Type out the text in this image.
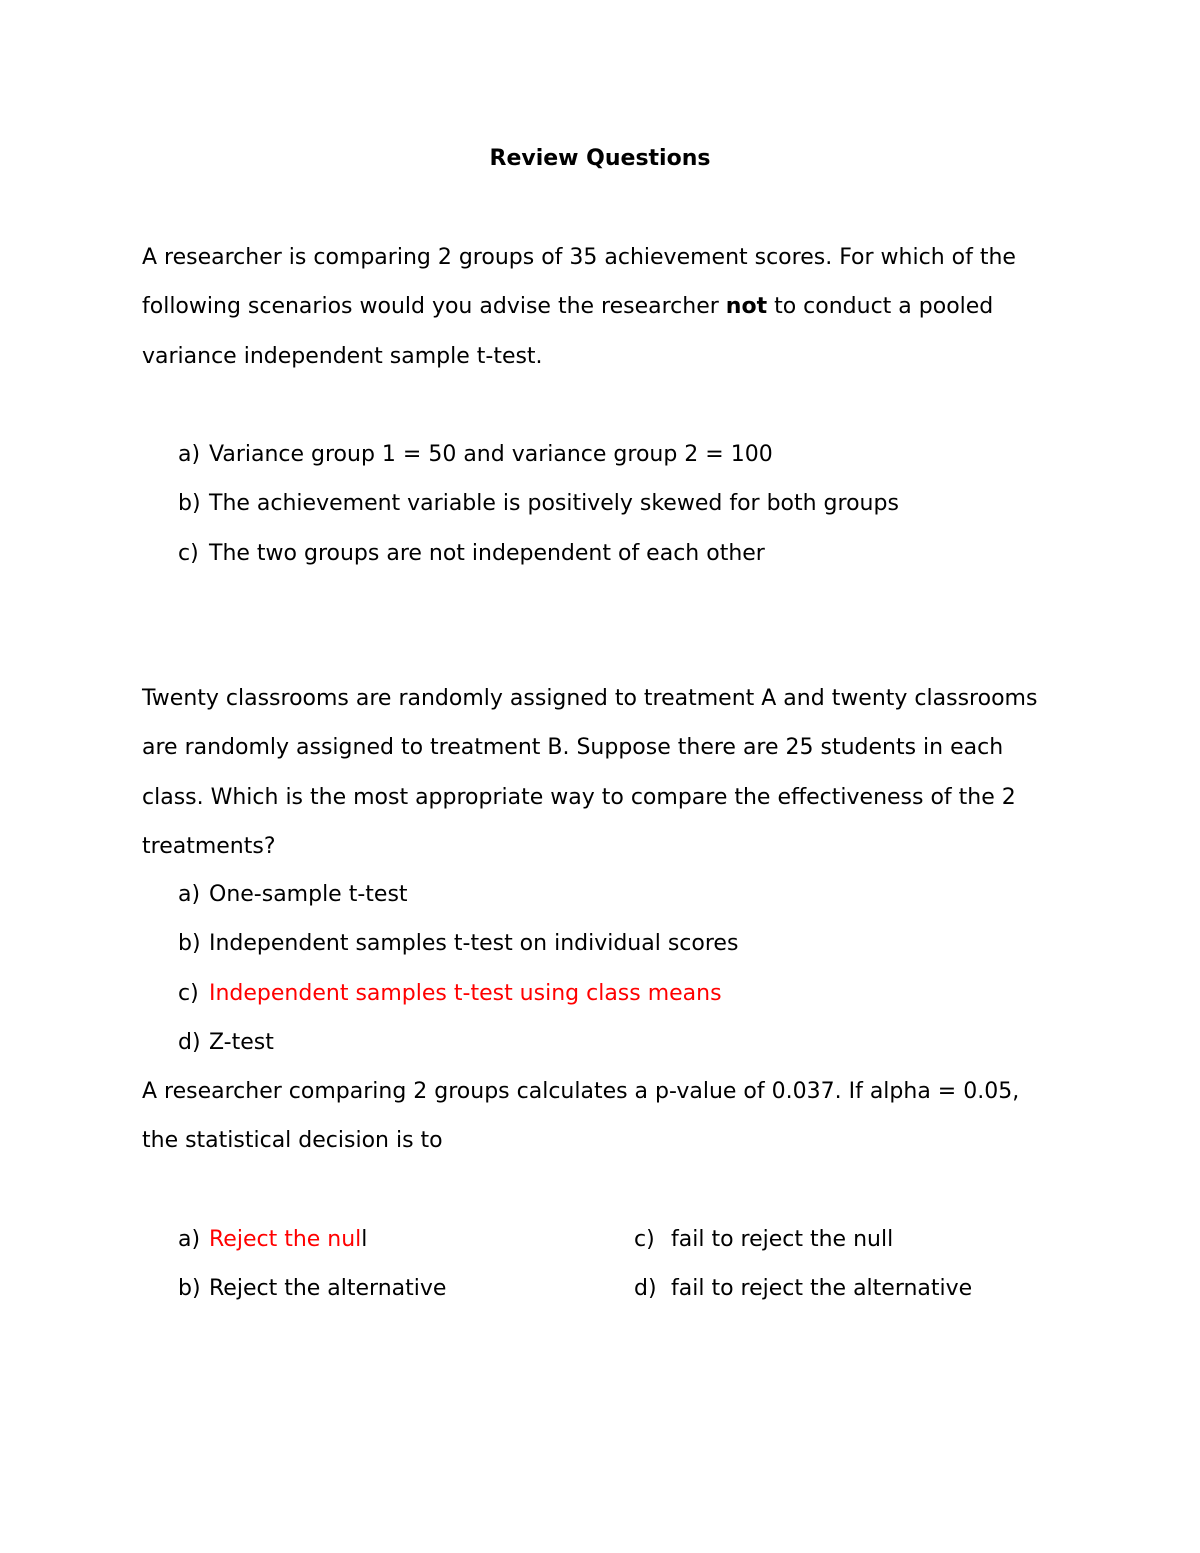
Review Questions

A researcher is comparing 2 groups of 35 achievement scores. For which of the following scenarios would you advise the researcher not to conduct a pooled variance independent sample t-test.

a) Variance group 1 = 50 and variance group 2 = 100
b) The achievement variable is positively skewed for both groups
c) The two groups are not independent of each other

Twenty classrooms are randomly assigned to treatment A and twenty classrooms are randomly assigned to treatment B. Suppose there are 25 students in each class. Which is the most appropriate way to compare the effectiveness of the 2 treatments?

a) One-sample t-test
b) Independent samples t-test on individual scores
c) Independent samples t-test using class means
d) Z-test

A researcher comparing 2 groups calculates a p-value of 0.037. If alpha = 0.05, the statistical decision is to

a) Reject the null
b) Reject the alternative
c) fail to reject the null
d) fail to reject the alternative
